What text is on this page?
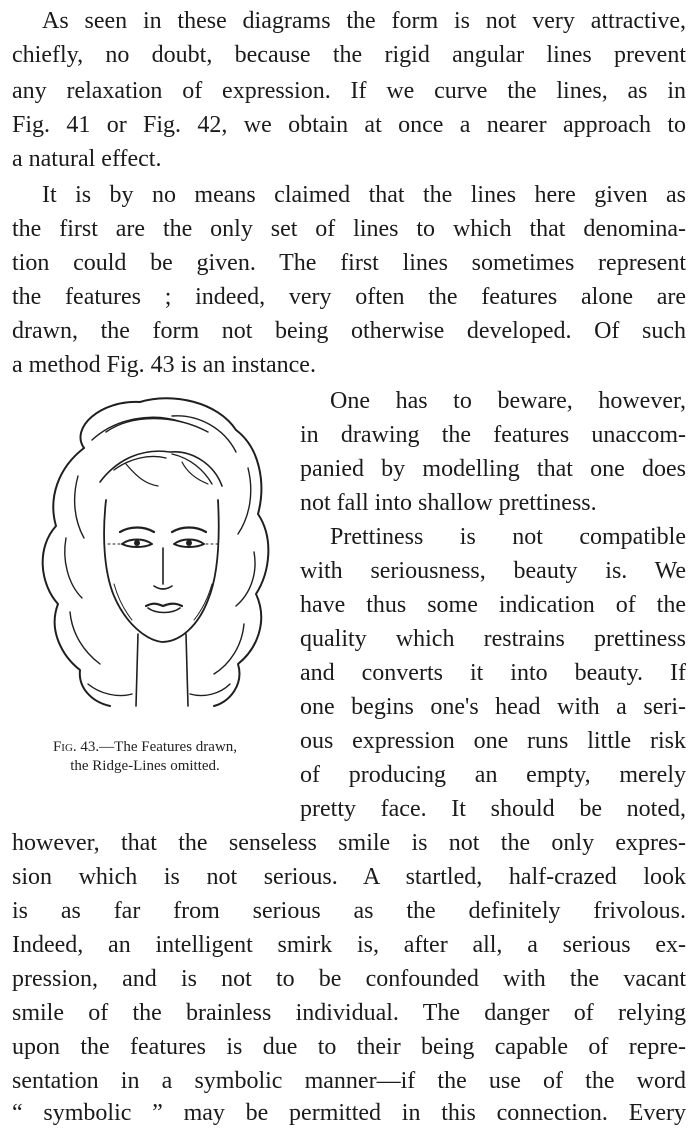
As seen in these diagrams the form is not very attractive,
chiefly, no doubt, because the rigid angular lines prevent
any relaxation of expression. If we curve the lines, as in
Fig. 41 or Fig. 42, we obtain at once a nearer approach to
a natural effect.
It is by no means claimed that the lines here given as
the first are the only set of lines to which that denomina-
tion could be given. The first lines sometimes represent
the features ; indeed, very often the features alone are
drawn, the form not being otherwise developed. Of such
a method Fig. 43 is an instance.
Fig. 43.—The Features drawn,
the Ridge-Lines omitted.
One has to beware, however,
in drawing the features unaccom-
panied by modelling that one does
not fall into shallow prettiness.
Prettiness is not compatible
with seriousness, beauty is. We
have thus some indication of the
quality which restrains prettiness
and converts it into beauty. If
one begins one's head with a seri-
ous expression one runs little risk
of producing an empty, merely
pretty face. It should be noted,
however, that the senseless smile is not the only expres-
sion which is not serious. A startled, half-crazed look
is as far from serious as the definitely frivolous.
Indeed, an intelligent smirk is, after all, a serious ex-
pression, and is not to be confounded with the vacant
smile of the brainless individual. The danger of relying
upon the features is due to their being capable of repre-
sentation in a symbolic manner—if the use of the word
“ symbolic ” may be permitted in this connection. Every
